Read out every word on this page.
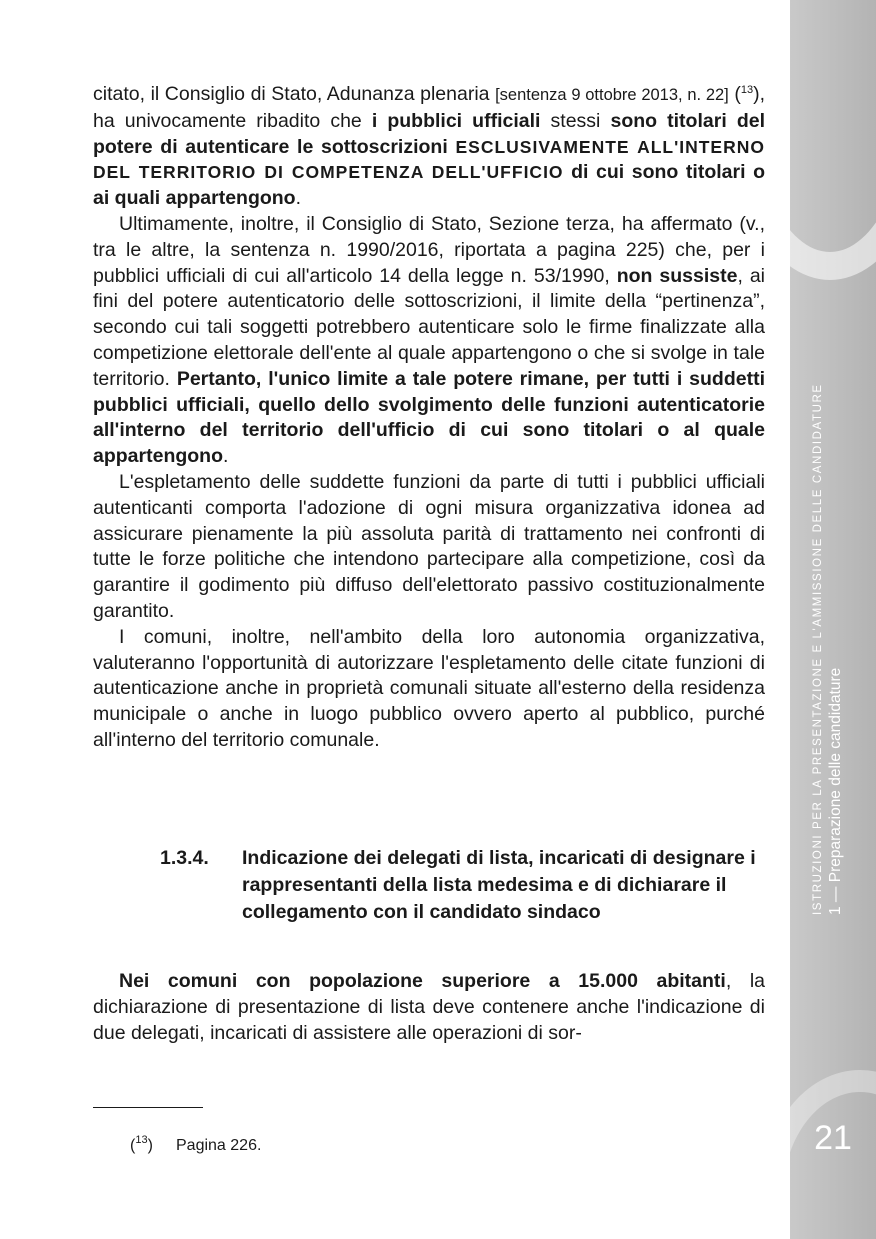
citato, il Consiglio di Stato, Adunanza plenaria [sentenza 9 ottobre 2013, n. 22] ($^{13}$), ha univocamente ribadito che i pubblici ufficiali stessi sono titolari del potere di autenticare le sottoscrizioni ESCLUSIVAMENTE ALL'INTERNO DEL TERRITORIO DI COMPETENZA DELL'UFFICIO di cui sono titolari o ai quali appartengono.

Ultimamente, inoltre, il Consiglio di Stato, Sezione terza, ha affermato (v., tra le altre, la sentenza n. 1990/2016, riportata a pagina 225) che, per i pubblici ufficiali di cui all'articolo 14 della legge n. 53/1990, non sussiste, ai fini del potere autenticatorio delle sottoscrizioni, il limite della “pertinenza”, secondo cui tali soggetti potrebbero autenticare solo le firme finalizzate alla competizione elettorale dell'ente al quale appartengono o che si svolge in tale territorio. Pertanto, l'unico limite a tale potere rimane, per tutti i suddetti pubblici ufficiali, quello dello svolgimento delle funzioni autenticatorie all'interno del territorio dell'ufficio di cui sono titolari o al quale appartengono.

L'espletamento delle suddette funzioni da parte di tutti i pubblici ufficiali autenticanti comporta l'adozione di ogni misura organizzativa idonea ad assicurare pienamente la più assoluta parità di trattamento nei confronti di tutte le forze politiche che intendono partecipare alla competizione, così da garantire il godimento più diffuso dell'elettorato passivo costituzionalmente garantito.

I comuni, inoltre, nell'ambito della loro autonomia organizzativa, valuteranno l'opportunità di autorizzare l'espletamento delle citate funzioni di autenticazione anche in proprietà comunali situate all'esterno della residenza municipale o anche in luogo pubblico ovvero aperto al pubblico, purché all'interno del territorio comunale.

1.3.4.	Indicazione dei delegati di lista, incaricati di designare i rappresentanti della lista medesima e di dichiarare il collegamento con il candidato sindaco

Nei comuni con popolazione superiore a 15.000 abitanti, la dichiarazione di presentazione di lista deve contenere anche l'indicazione di due delegati, incaricati di assistere alle operazioni di sor-

($^{13}$)	Pagina 226.
ISTRUZIONI PER LA PRESENTAZIONE E L'AMMISSIONE DELLE CANDIDATURE 1 — Preparazione delle candidature
21
